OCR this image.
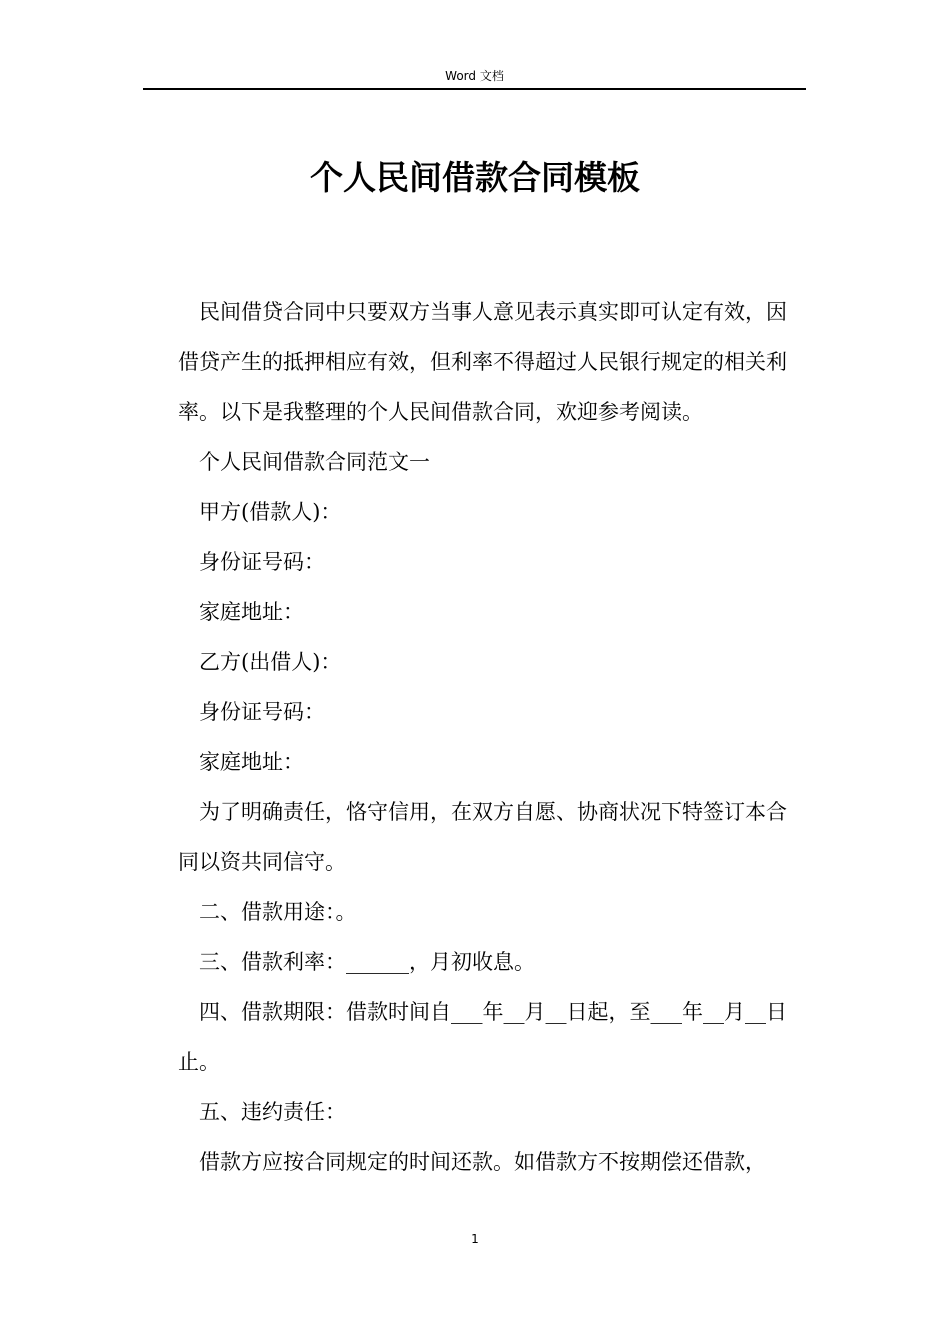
Word 文档
个人民间借款合同模板

民间借贷合同中只要双方当事人意见表示真实即可认定有效，因借贷产生的抵押相应有效，但利率不得超过人民银行规定的相关利率。以下是我整理的个人民间借款合同，欢迎参考阅读。

个人民间借款合同范文一

甲方(借款人)：

身份证号码：

家庭地址：

乙方(出借人)：

身份证号码：

家庭地址：

为了明确责任，恪守信用，在双方自愿、协商状况下特签订本合同以资共同信守。

二、借款用途：。

三、借款利率：______，月初收息。

四、借款期限：借款时间自___年__月__日起，至___年__月__日止。

五、违约责任：

借款方应按合同规定的时间还款。如借款方不按期偿还借款，

1
